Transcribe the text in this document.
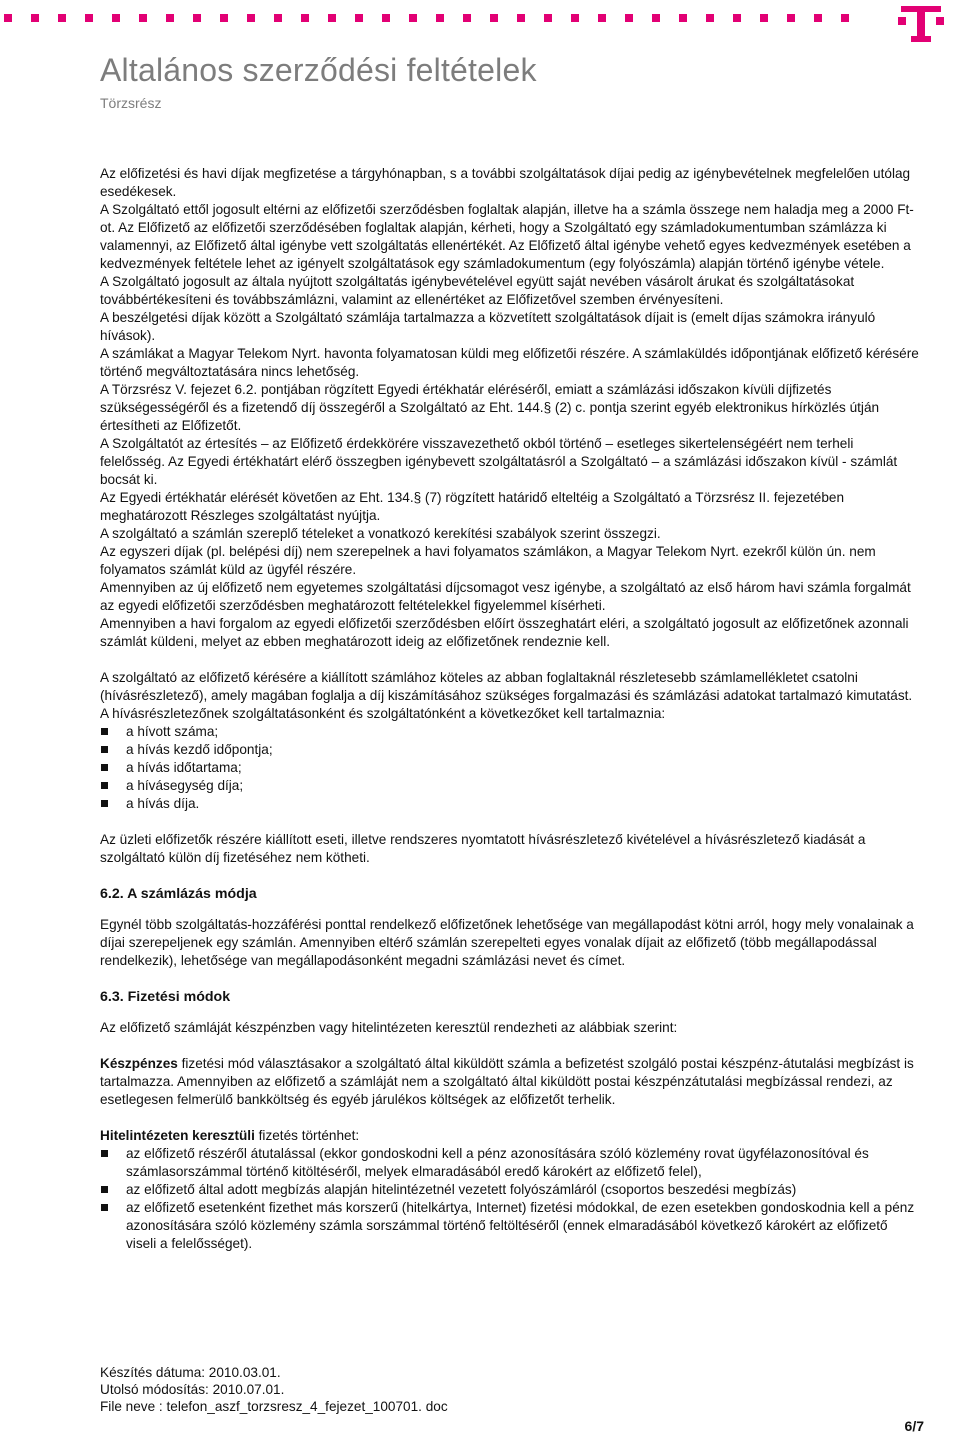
Altalános szerződési feltételek
Törzsrész

Az előfizetési és havi díjak megfizetése a tárgyhónapban, s a további szolgáltatások díjai pedig az igénybevételnek megfelelően utólag esedékesek.

A Szolgáltató ettől jogosult eltérni az előfizetői szerződésben foglaltak alapján, illetve ha a számla összege nem haladja meg a 2000 Ft-ot. Az Előfizető az előfizetői szerződésében foglaltak alapján, kérheti, hogy a Szolgáltató egy számladokumentumban számlázza ki valamennyi, az Előfizető által igénybe vett szolgáltatás ellenértékét. Az Előfizető által igénybe vehető egyes kedvezmények esetében a kedvezmények feltétele lehet az igényelt szolgáltatások egy számladokumentum (egy folyószámla) alapján történő igénybe vétele.

A Szolgáltató jogosult az általa nyújtott szolgáltatás igénybevételével együtt saját nevében vásárolt árukat és szolgáltatásokat továbbértékesíteni és továbbszámlázni, valamint az ellenértéket az Előfizetővel szemben érvényesíteni.

A beszélgetési díjak között a Szolgáltató számlája tartalmazza a közvetített szolgáltatások díjait is (emelt díjas számokra irányuló hívások).

A számlákat a Magyar Telekom Nyrt. havonta folyamatosan küldi meg előfizetői részére. A számlaküldés időpontjának előfizető kérésére történő megváltoztatására nincs lehetőség.

A Törzsrész V. fejezet 6.2. pontjában rögzített Egyedi értékhatár eléréséről, emiatt a számlázási időszakon kívüli díjfizetés szükségességéről és a fizetendő díj összegéről a Szolgáltató az Eht. 144.§ (2) c. pontja szerint egyéb elektronikus hírközlés útján értesítheti az Előfizetőt.

A Szolgáltatót az értesítés – az Előfizető érdekkörére visszavezethető okból történő – esetleges sikertelenségéért nem terheli felelősség. Az Egyedi értékhatárt elérő összegben igénybevett szolgáltatásról a Szolgáltató – a számlázási időszakon kívül - számlát bocsát ki.

Az Egyedi értékhatár elérését követően az Eht. 134.§ (7) rögzített határidő elteltéig a Szolgáltató a Törzsrész II. fejezetében meghatározott Részleges szolgáltatást nyújtja.

A szolgáltató a számlán szereplő tételeket a vonatkozó kerekítési szabályok szerint összegzi.

Az egyszeri díjak (pl. belépési díj) nem szerepelnek a havi folyamatos számlákon, a Magyar Telekom Nyrt. ezekről külön ún. nem folyamatos számlát küld az ügyfél részére.

Amennyiben az új előfizető nem egyetemes szolgáltatási díjcsomagot vesz igénybe, a szolgáltató az első három havi számla forgalmát az egyedi előfizetői szerződésben meghatározott feltételekkel figyelemmel kísérheti.

Amennyiben a havi forgalom az egyedi előfizetői szerződésben előírt összeghatárt eléri, a szolgáltató jogosult az előfizetőnek azonnali számlát küldeni, melyet az ebben meghatározott ideig az előfizetőnek rendeznie kell.

A szolgáltató az előfizető kérésére a kiállított számlához köteles az abban foglaltaknál részletesebb számlamellékletet csatolni (hívásrészletező), amely magában foglalja a díj kiszámításához szükséges forgalmazási és számlázási adatokat tartalmazó kimutatást. A hívásrészletezőnek szolgáltatásonként és szolgáltatónként a következőket kell tartalmaznia:

a hívott száma;
a hívás kezdő időpontja;
a hívás időtartama;
a hívásegység díja;
a hívás díja.

Az üzleti előfizetők részére kiállított eseti, illetve rendszeres nyomtatott hívásrészletező kivételével a hívásrészletező kiadását a szolgáltató külön díj fizetéséhez nem kötheti.

6.2. A számlázás módja

Egynél több szolgáltatás-hozzáférési ponttal rendelkező előfizetőnek lehetősége van megállapodást kötni arról, hogy mely vonalainak a díjai szerepeljenek egy számlán. Amennyiben eltérő számlán szerepelteti egyes vonalak díjait az előfizető (több megállapodással rendelkezik), lehetősége van megállapodásonként megadni számlázási nevet és címet.

6.3. Fizetési módok

Az előfizető számláját készpénzben vagy hitelintézeten keresztül rendezheti az alábbiak szerint:

Készpénzes fizetési mód választásakor a szolgáltató által kiküldött számla a befizetést szolgáló postai készpénz-átutalási megbízást is tartalmazza. Amennyiben az előfizető a számláját nem a szolgáltató által kiküldött postai készpénzátutalási megbízással rendezi, az esetlegesen felmerülő bankköltség és egyéb járulékos költségek az előfizetőt terhelik.

Hitelintézeten keresztüli fizetés történhet:

az előfizető részéről átutalással (ekkor gondoskodni kell a pénz azonosítására szóló közlemény rovat ügyfélazonosítóval és számlasorszámmal történő kitöltéséről, melyek elmaradásából eredő károkért az előfizető felel),
az előfizető által adott megbízás alapján hitelintézetnél vezetett folyószámláról (csoportos beszedési megbízás)
az előfizető esetenként fizethet más korszerű (hitelkártya, Internet) fizetési módokkal, de ezen esetekben gondoskodnia kell a pénz azonosítására szóló közlemény számla sorszámmal történő feltöltéséről (ennek elmaradásából következő károkért az előfizető viseli a felelősséget).
Készítés dátuma: 2010.03.01.
Utolsó módosítás: 2010.07.01.
File neve : telefon_aszf_torzsresz_4_fejezet_100701. doc
6/7
